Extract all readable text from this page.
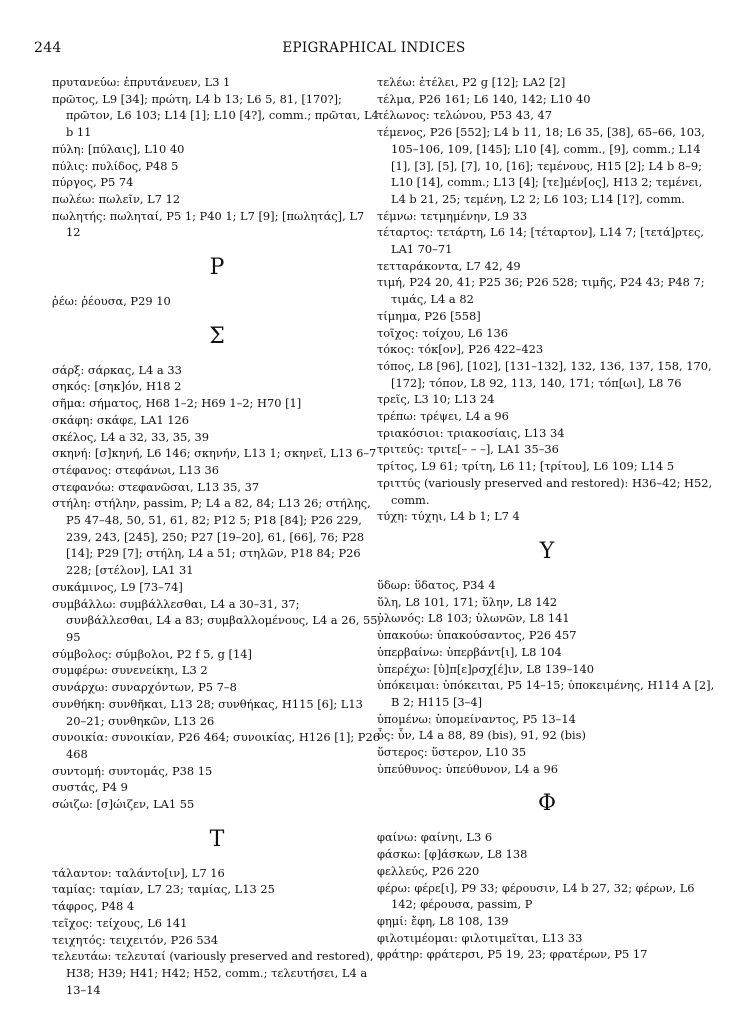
244	EPIGRAPHICAL INDICES

πρυτανεύω: ἐπρυτάνευεν, L3 1

πρῶτος, L9 [34]; πρώτη, L4 b 13; L6 5, 81, [170?]; πρῶτον, L6 103; L14 [1]; L10 [4?], comm.; πρῶται, L4 b 11

πύλη: [πύλαις], L10 40

πύλις: πυλίδος, P48 5

πύργος, P5 74

πωλέω: πωλεῖν, L7 12

πωλητής: πωληταί, P5 1; P40 1; L7 [9]; [πωλητάς], L7 12

Ρ

ῥέω: ῥέουσα, P29 10

Σ

σάρξ: σάρκας, L4 a 33

σηκός: [σηκ]όν, H18 2

σῆμα: σήματος, H68 1–2; H69 1–2; H70 [1]

σκάφη: σκάφε, LA1 126

σκέλος, L4 a 32, 33, 35, 39

σκηνή: [σ]κηνή, L6 146; σκηνήν, L13 1; σκηνεῖ, L13 6–7

στέφανος: στεφάνωι, L13 36

στεφανόω: στεφανῶσαι, L13 35, 37

στήλη: στήλην, passim, P; L4 a 82, 84; L13 26; στήλης, P5 47–48, 50, 51, 61, 82; P12 5; P18 [84]; P26 229, 239, 243, [245], 250; P27 [19–20], 61, [66], 76; P28 [14]; P29 [7]; στήλη, L4 a 51; στηλῶν, P18 84; P26 228; [στέλον], LA1 31

συκάμινος, L9 [73–74]

συμβάλλω: συμβάλλεσθαι, L4 a 30–31, 37; συνβάλλεσθαι, L4 a 83; συμβαλλομένους, L4 a 26, 55, 95

σύμβολος: σύμβολοι, P2 f 5, g [14]

συμφέρω: συνενείκηι, L3 2

συνάρχω: συναρχόντων, P5 7–8

συνθήκη: συνθῆκαι, L13 28; συνθήκας, H115 [6]; L13 20–21; συνθηκῶν, L13 26

συνοικία: συνοικίαν, P26 464; συνοικίας, H126 [1]; P26 468

συντομή: συντομάς, P38 15

συστάς, P4 9

σώιζω: [σ]ώιζεν, LA1 55

Τ

τάλαντον: ταλάντο[ιν], L7 16

ταμίας: ταμίαν, L7 23; ταμίας, L13 25

τάφρος, P48 4

τεῖχος: τείχους, L6 141

τειχητός: τειχειτόν, P26 534

τελευτάω: τελευταί (variously preserved and restored), H38; H39; H41; H42; H52, comm.; τελευτήσει, L4 a 13–14

τελέω: ἐτέλει, P2 g [12]; LA2 [2]

τέλμα, P26 161; L6 140, 142; L10 40

τέλωνος: τελώνου, P53 43, 47

τέμενος, P26 [552]; L4 b 11, 18; L6 35, [38], 65–66, 103, 105–106, 109, [145]; L10 [4], comm., [9], comm.; L14 [1], [3], [5], [7], 10, [16]; τεμένους, H15 [2]; L4 b 8–9; L10 [14], comm.; L13 [4]; [τε]μέν[ος], H13 2; τεμένει, L4 b 21, 25; τεμένη, L2 2; L6 103; L14 [1?], comm.

τέμνω: τετμημένην, L9 33

τέταρτος: τετάρτη, L6 14; [τέταρτον], L14 7; [τετά]ρτες, LA1 70–71

τετταράκοντα, L7 42, 49

τιμή, P24 20, 41; P25 36; P26 528; τιμῆς, P24 43; P48 7; τιμάς, L4 a 82

τίμημα, P26 [558]

τοῖχος: τοίχου, L6 136

τόκος: τόκ[ον], P26 422–423

τόπος, L8 [96], [102], [131–132], 132, 136, 137, 158, 170, [172]; τόπον, L8 92, 113, 140, 171; τόπ[ωι], L8 76

τρεῖς, L3 10; L13 24

τρέπω: τρέψει, L4 a 96

τριακόσιοι: τριακοσίαις, L13 34

τριτεύς: τριτε[– – –], LA1 35–36

τρίτος, L9 61; τρίτη, L6 11; [τρίτου], L6 109; L14 5

τριττύς (variously preserved and restored): H36–42; H52, comm.

τύχη: τύχηι, L4 b 1; L7 4

Υ

ὕδωρ: ὕδατος, P34 4

ὕλη, L8 101, 171; ὕλην, L8 142

ὑλωνός: L8 103; ὑλωνῶν, L8 141

ὑπακούω: ὑπακούσαντος, P26 457

ὑπερβαίνω: ὑπερβάντ[ι], L8 104

ὑπερέχω: [ὑ]π[ε]ρσχ[έ]ιν, L8 139–140

ὑπόκειμαι: ὑπόκειται, P5 14–15; ὑποκειμένης, H114 A [2], B 2; H115 [3–4]

ὑπομένω: ὑπομείναντος, P5 13–14

ὗς: ὗν, L4 a 88, 89 (bis), 91, 92 (bis)

ὕστερος: ὕστερον, L10 35

ὑπεύθυνος: ὑπεύθυνον, L4 a 96

Φ

φαίνω: φαίνηι, L3 6

φάσκω: [φ]άσκων, L8 138

φελλεύς, P26 220

φέρω: φέρε[ι], P9 33; φέρουσιν, L4 b 27, 32; φέρων, L6 142; φέρουσα, passim, P

φημί: ἔφη, L8 108, 139

φιλοτιμέομαι: φιλοτιμεῖται, L13 33

φράτηρ: φράτερσι, P5 19, 23; φρατέρων, P5 17
